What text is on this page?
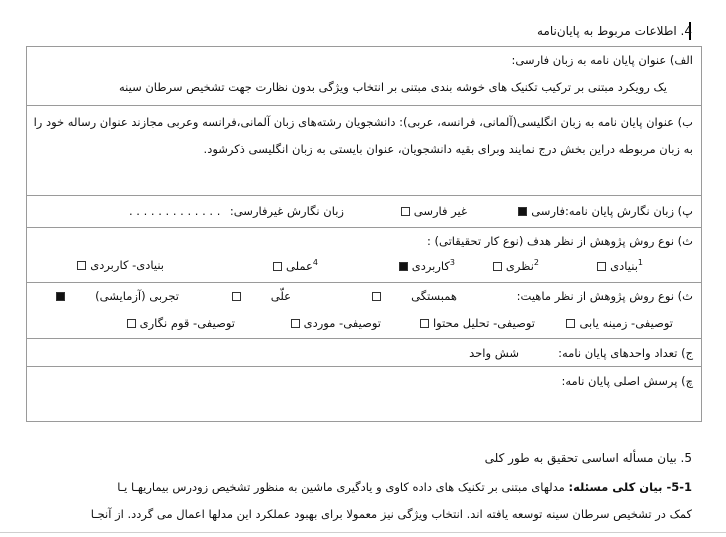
4. اطلاعات مربوط به پایان‌نامه
الف) عنوان پایان نامه به زبان فارسی:
یک رویکرد مبتنی بر ترکیب تکنیک های خوشه بندی مبتنی بر انتخاب ویژگی بدون نظارت جهت تشخیص سرطان سینه
ب) عنوان پایان نامه به زبان انگلیسی(آلمانی، فرانسه، عربی): دانشجویان رشته‌های زبان آلمانی،فرانسه وعربی مجازند عنوان رساله خود را
به زبان مربوطه دراین بخش درج نمایند وبرای بقیه دانشجویان، عنوان بایستی به زبان انگلیسی ذکرشود.
پ) زبان نگارش پایان نامه:
فارسی
غیر فارسی
زبان نگارش غیرفارسی:
. . . . . . . . . . . . .
ث) نوع روش پژوهش از نظر هدف (نوع کار تحقیقاتی) :
$^1$بنیادی
$^2$نظری
$^3$کاربردی
$^4$عملی
بنیادی- کاربردی
ث) نوع روش پژوهش از نظر ماهیت:
همبستگی
علّی
تجربی (آزمایشی)
توصیفی- زمینه یابی
توصیفی- تحلیل محتوا
توصیفی- موردی
توصیفی- قوم نگاری
ج) تعداد واحدهای پایان نامه:
شش واحد
چ) پرسش اصلی پایان نامه:
5. بیان مسأله اساسی تحقیق به طور کلی
5-1- بیان کلی مسئله: مدلهای مبتنی بر تکنیک های داده کاوی و یادگیری ماشین به منظور تشخیص زودرس بیماریهـا یـا
کمک در تشخیص سرطان سینه توسعه یافته اند. انتخاب ویژگی نیز معمولا برای بهبود عملکرد این مدلها اعمال می گردد. از آنجـا
